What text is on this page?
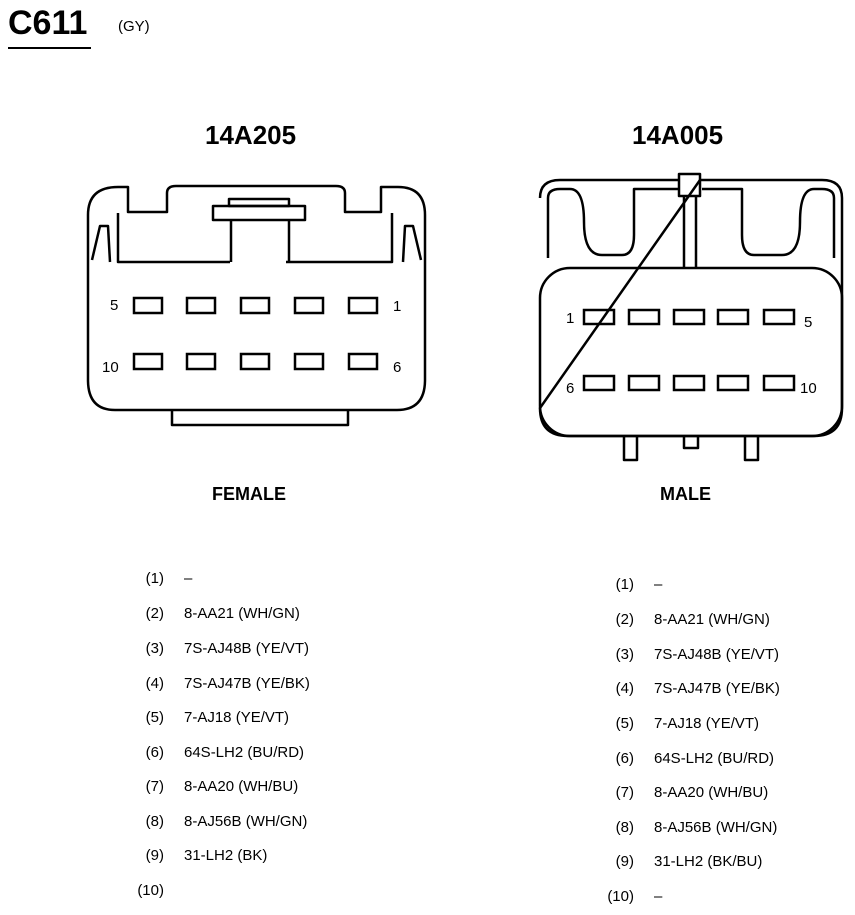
C611 (GY)
14A205
5	1
10	6
1	5
6	10
FEMALE
14A005
MALE
(1) –
(2) 8-AA21 (WH/GN)
(3) 7S-AJ48B (YE/VT)
(4) 7S-AJ47B (YE/BK)
(5) 7-AJ18 (YE/VT)
(6) 64S-LH2 (BU/RD)
(7) 8-AA20 (WH/BU)
(8) 8-AJ56B (WH/GN)
(9) 31-LH2 (BK)
(10)
(1) –
(2) 8-AA21 (WH/GN)
(3) 7S-AJ48B (YE/VT)
(4) 7S-AJ47B (YE/BK)
(5) 7-AJ18 (YE/VT)
(6) 64S-LH2 (BU/RD)
(7) 8-AA20 (WH/BU)
(8) 8-AJ56B (WH/GN)
(9) 31-LH2 (BK/BU)
(10) –
